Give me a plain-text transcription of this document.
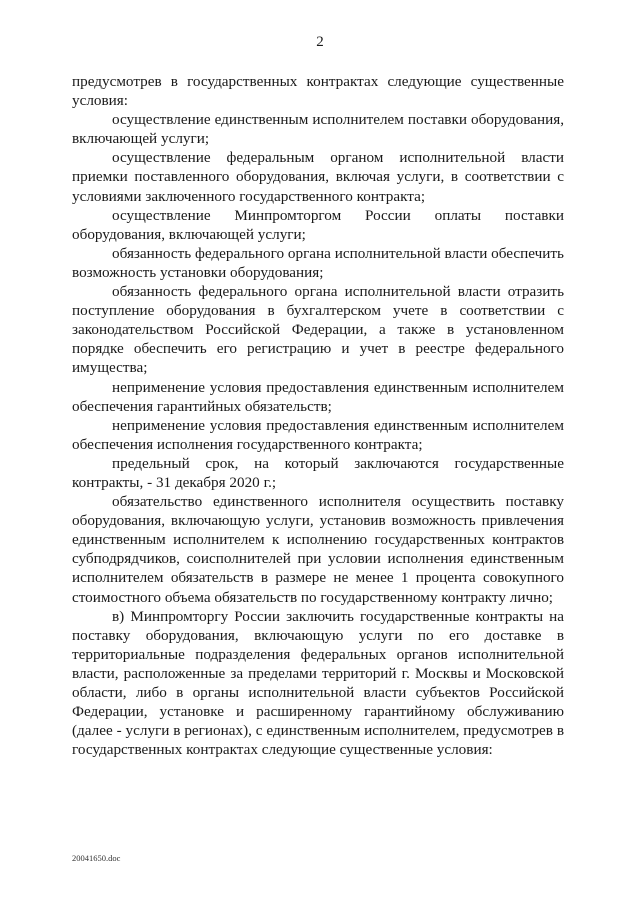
2

предусмотрев в государственных контрактах следующие существенные условия:

осуществление единственным исполнителем поставки оборудования, включающей услуги;

осуществление федеральным органом исполнительной власти приемки поставленного оборудования, включая услуги, в соответствии с условиями заключенного государственного контракта;

осуществление Минпромторгом России оплаты поставки оборудования, включающей услуги;

обязанность федерального органа исполнительной власти обеспечить возможность установки оборудования;

обязанность федерального органа исполнительной власти отразить поступление оборудования в бухгалтерском учете в соответствии с законодательством Российской Федерации, а также в установленном порядке обеспечить его регистрацию и учет в реестре федерального имущества;

неприменение условия предоставления единственным исполнителем обеспечения гарантийных обязательств;

неприменение условия предоставления единственным исполнителем обеспечения исполнения государственного контракта;

предельный срок, на который заключаются государственные контракты, - 31 декабря 2020 г.;

обязательство единственного исполнителя осуществить поставку оборудования, включающую услуги, установив возможность привлечения единственным исполнителем к исполнению государственных контрактов субподрядчиков, соисполнителей при условии исполнения единственным исполнителем обязательств в размере не менее 1 процента совокупного стоимостного объема обязательств по государственному контракту лично;

в) Минпромторгу России заключить государственные контракты на поставку оборудования, включающую услуги по его доставке в территориальные подразделения федеральных органов исполнительной власти, расположенные за пределами территорий г. Москвы и Московской области, либо в органы исполнительной власти субъектов Российской Федерации, установке и расширенному гарантийному обслуживанию (далее - услуги в регионах), с единственным исполнителем, предусмотрев в государственных контрактах следующие существенные условия:

20041650.doc
